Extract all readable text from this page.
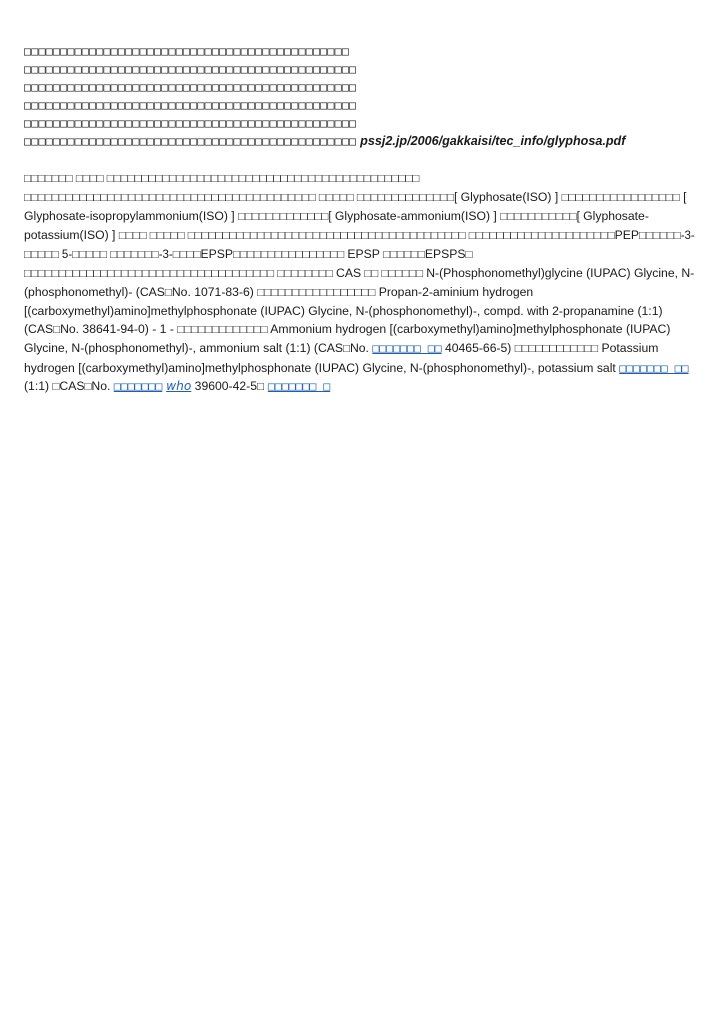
□□□□□□□□□□□□□□□□□□□□□□□□□□□□□□□□□□□□□□□□□□□□□
□□□□□□□□□□□□□□□□□□□□□□□□□□□□□□□□□□□□□□□□□□□□□□
□□□□□□□□□□□□□□□□□□□□□□□□□□□□□□□□□□□□□□□□□□□□□□
□□□□□□□□□□□□□□□□□□□□□□□□□□□□□□□□□□□□□□□□□□□□□□
□□□□□□□□□□□□□□□□□□□□□□□□□□□□□□□□□□□□□□□□□□□□□□
□□□□□□□□□□□□□□□□□□□□□□□□□□□□□□□□□□□□□□□□□□□□□□ pssj2.jp/2006/gakkaisi/tec_info/glyphosa.pdf
□□□□□□□ □□□□ □□□□□□□□□□□□□□□□□□□□□□□□□□□□□□□□□□□□□□□□□□□□□ □□□□□□□□□□□□□□□□□□□□□□□□□□□□□□□□□□□□□□□□□□ □□□□□ □□□□□□□□□□□□□□[ Glyphosate(ISO) ] □□□□□□□□□□□□□□□□□ [ Glyphosate-isopropylammonium(ISO) ] □□□□□□□□□□□□□[ Glyphosate-ammonium(ISO) ] □□□□□□□□□□□[ Glyphosate-potassium(ISO) ] □□□□ □□□□□ □□□□□□□□□□□□□□□□□□□□□□□□□□□□□□□□□□□□□□□□ □□□□□□□□□□□□□□□□□□□□□PEP□□□□□□-3-□□□□□ 5-□□□□□ □□□□□□□-3-□□□□EPSP□□□□□□□□□□□□□□□□ EPSP □□□□□□EPSPS□ □□□□□□□□□□□□□□□□□□□□□□□□□□□□□□□□□□□□ □□□□□□□□ CAS □□ □□□□□□ N-(Phosphonomethyl)glycine (IUPAC) Glycine, N-(phosphonomethyl)- (CAS□No. 1071-83-6) □□□□□□□□□□□□□□□□□ Propan-2-aminium hydrogen [(carboxymethyl)amino]methylphosphonate (IUPAC) Glycine, N-(phosphonomethyl)-, compd. with 2-propanamine (1:1) (CAS□No. 38641-94-0) - 1 - □□□□□□□□□□□□□ Ammonium hydrogen [(carboxymethyl)amino]methylphosphonate (IUPAC) Glycine, N-(phosphonomethyl)-, ammonium salt (1:1) (CAS□No. □□□□□□□ □□ 40465-66-5) □□□□□□□□□□□□ Potassium hydrogen [(carboxymethyl)amino]methylphosphonate (IUPAC) Glycine, N-(phosphonomethyl)-, potassium salt □□□□□□□ □□ (1:1) □CAS□No. □□□□□□□ who 39600-42-5□ □□□□□□□ □
